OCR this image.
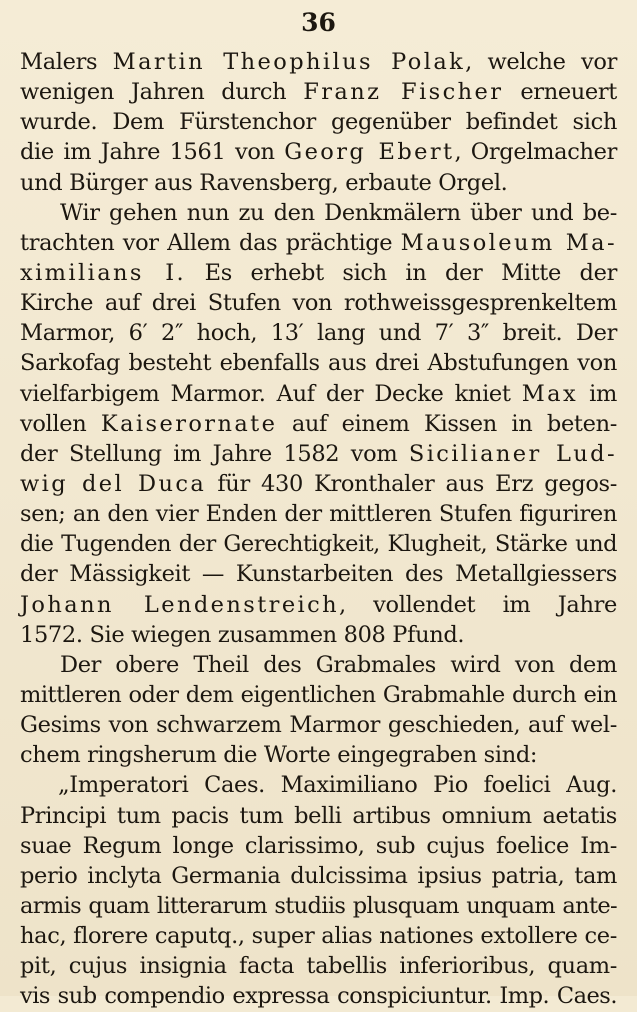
36
Malers Martin Theophilus Polak, welche vor
wenigen Jahren durch Franz Fischer erneuert
wurde. Dem Fürstenchor gegenüber befindet sich
die im Jahre 1561 von Georg Ebert, Orgelmacher
und Bürger aus Ravensberg, erbaute Orgel.
Wir gehen nun zu den Denkmälern über und be-
trachten vor Allem das prächtige Mausoleum Ma-
ximilians I. Es erhebt sich in der Mitte der
Kirche auf drei Stufen von rothweissgesprenkeltem
Marmor, 6′ 2″ hoch, 13′ lang und 7′ 3″ breit. Der
Sarkofag besteht ebenfalls aus drei Abstufungen von
vielfarbigem Marmor. Auf der Decke kniet Max im
vollen Kaiserornate auf einem Kissen in beten-
der Stellung im Jahre 1582 vom Sicilianer Lud-
wig del Duca für 430 Kronthaler aus Erz gegos-
sen; an den vier Enden der mittleren Stufen figuriren
die Tugenden der Gerechtigkeit, Klugheit, Stärke und
der Mässigkeit — Kunstarbeiten des Metallgiessers
Johann Lendenstreich, vollendet im Jahre
1572. Sie wiegen zusammen 808 Pfund.
Der obere Theil des Grabmales wird von dem
mittleren oder dem eigentlichen Grabmahle durch ein
Gesims von schwarzem Marmor geschieden, auf wel-
chem ringsherum die Worte eingegraben sind:
„Imperatori Caes. Maximiliano Pio foelici Aug.
Principi tum pacis tum belli artibus omnium aetatis
suae Regum longe clarissimo, sub cujus foelice Im-
perio inclyta Germania dulcissima ipsius patria, tam
armis quam litterarum studiis plusquam unquam ante-
hac, florere caputq., super alias nationes extollere ce-
pit, cujus insignia facta tabellis inferioribus, quam-
vis sub compendio expressa conspiciuntur. Imp. Caes.
